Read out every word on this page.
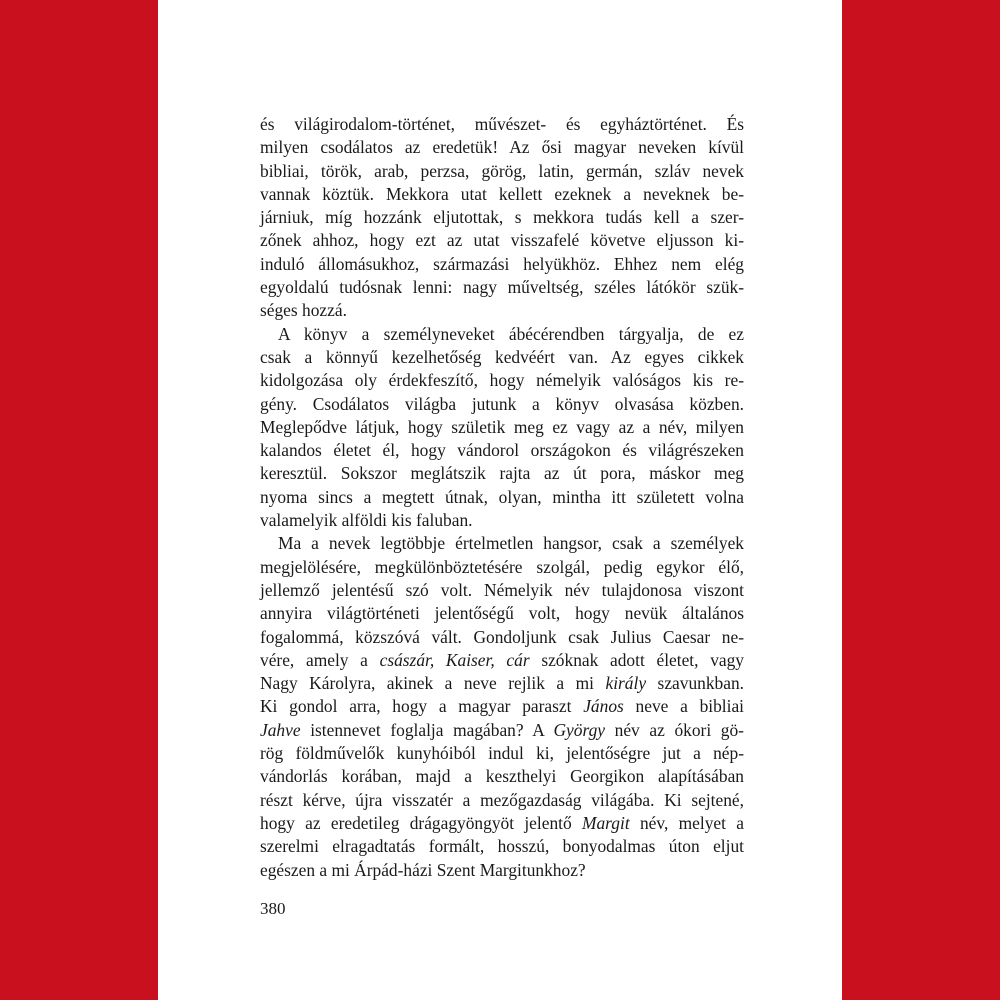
és világirodalom-történet, művészet- és egyháztörténet. És
milyen csodálatos az eredetük! Az ősi magyar neveken kívül
bibliai, török, arab, perzsa, görög, latin, germán, szláv nevek
vannak köztük. Mekkora utat kellett ezeknek a neveknek be-
járniuk, míg hozzánk eljutottak, s mekkora tudás kell a szer-
zőnek ahhoz, hogy ezt az utat visszafelé követve eljusson ki-
induló állomásukhoz, származási helyükhöz. Ehhez nem elég
egyoldalú tudósnak lenni: nagy műveltség, széles látókör szük-
séges hozzá.

A könyv a személyneveket ábécérendben tárgyalja, de ez
csak a könnyű kezelhetőség kedvéért van. Az egyes cikkek
kidolgozása oly érdekfeszítő, hogy némelyik valóságos kis re-
gény. Csodálatos világba jutunk a könyv olvasása közben.
Meglepődve látjuk, hogy születik meg ez vagy az a név, milyen
kalandos életet él, hogy vándorol országokon és világrészeken
keresztül. Sokszor meglátszik rajta az út pora, máskor meg
nyoma sincs a megtett útnak, olyan, mintha itt született volna
valamelyik alföldi kis faluban.

Ma a nevek legtöbbje értelmetlen hangsor, csak a személyek
megjelölésére, megkülönböztetésére szolgál, pedig egykor élő,
jellemző jelentésű szó volt. Némelyik név tulajdonosa viszont
annyira világtörténeti jelentőségű volt, hogy nevük általános
fogalommá, közszóvá vált. Gondoljunk csak Julius Caesar ne-
vére, amely a császár, Kaiser, cár szóknak adott életet, vagy
Nagy Károlyra, akinek a neve rejlik a mi király szavunkban.
Ki gondol arra, hogy a magyar paraszt János neve a bibliai
Jahve istennevet foglalja magában? A György név az ókori gö-
rög földművelők kunyhóiból indul ki, jelentőségre jut a nép-
vándorlás korában, majd a keszthelyi Georgikon alapításában
részt kérve, újra visszatér a mezőgazdaság világába. Ki sejtené,
hogy az eredetileg drágagyöngyöt jelentő Margit név, melyet a
szerelmi elragadtatás formált, hosszú, bonyodalmas úton eljut
egészen a mi Árpád-házi Szent Margitunkhoz?

380
